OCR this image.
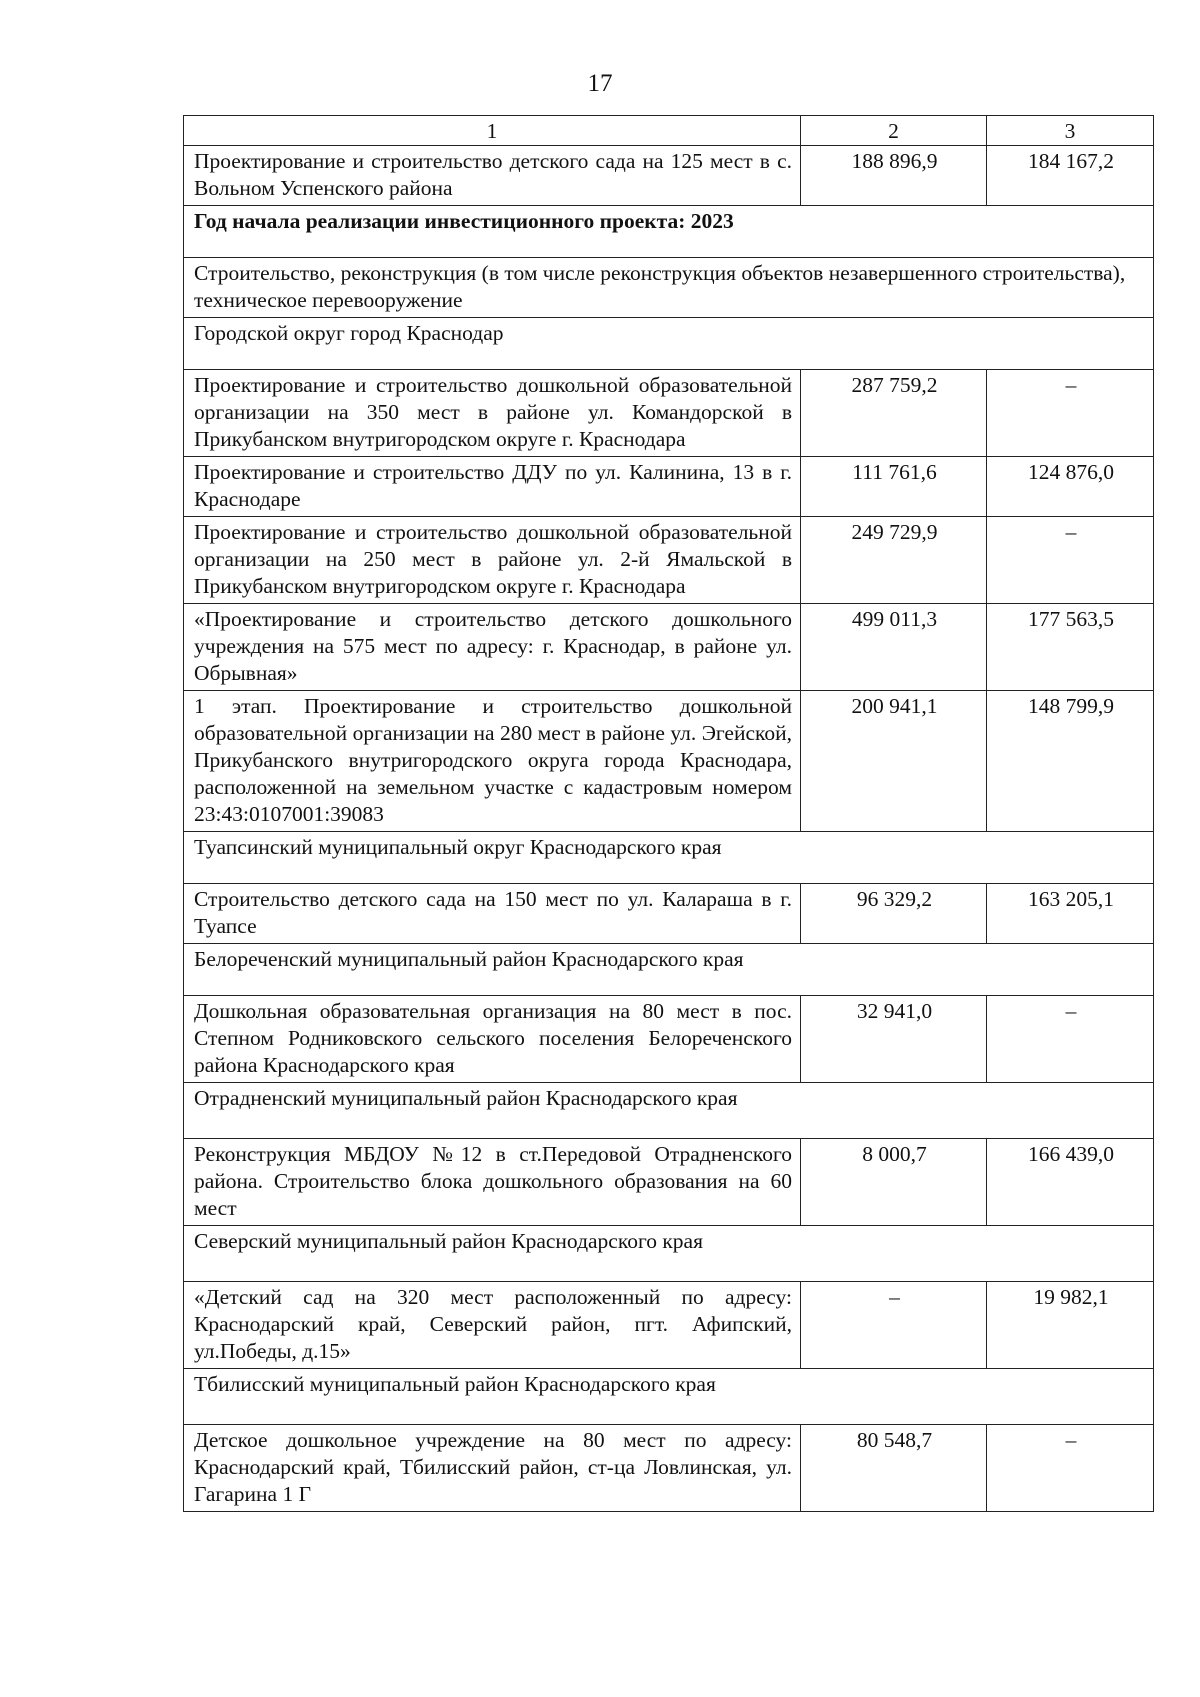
17
1	2	3
Проектирование и строительство детского сада на 125 мест в с. Вольном Успенского района	188 896,9	184 167,2
Год начала реализации инвестиционного проекта: 2023		
Строительство, реконструкция (в том числе реконструкция объектов незавершенного строительства), техническое перевооружение		
Городской округ город Краснодар		
Проектирование и строительство дошкольной образовательной организации на 350 мест в районе ул. Командорской в Прикубанском внутригородском округе г. Краснодара	287 759,2	–
Проектирование и строительство ДДУ по ул. Калинина, 13 в г. Краснодаре	111 761,6	124 876,0
Проектирование и строительство дошкольной образовательной организации на 250 мест в районе ул. 2-й Ямальской в Прикубанском внутригородском округе г. Краснодара	249 729,9	–
«Проектирование и строительство детского дошкольного учреждения на 575 мест по адресу: г. Краснодар, в районе ул. Обрывная»	499 011,3	177 563,5
1 этап. Проектирование и строительство дошкольной образовательной организации на 280 мест в районе ул. Эгейской, Прикубанского внутригородского округа города Краснодара, расположенной на земельном участке с кадастровым номером 23:43:0107001:39083	200 941,1	148 799,9
Туапсинский муниципальный округ Краснодарского края		
Строительство детского сада на 150 мест по ул. Калараша в г. Туапсе	96 329,2	163 205,1
Белореченский муниципальный район Краснодарского края		
Дошкольная образовательная организация на 80 мест в пос. Степном Родниковского сельского поселения Белореченского района Краснодарского края	32 941,0	–
Отрадненский муниципальный район Краснодарского края		
Реконструкция МБДОУ №12 в ст.Передовой Отрадненского района. Строительство блока дошкольного образования на 60 мест	8 000,7	166 439,0
Северский муниципальный район Краснодарского края		
«Детский сад на 320 мест расположенный по адресу: Краснодарский край, Северский район, пгт. Афипский, ул.Победы, д.15»	–	19 982,1
Тбилисский муниципальный район Краснодарского края		
Детское дошкольное учреждение на 80 мест по адресу: Краснодарский край, Тбилисский район, ст-ца Ловлинская, ул. Гагарина 1 Г	80 548,7	–
